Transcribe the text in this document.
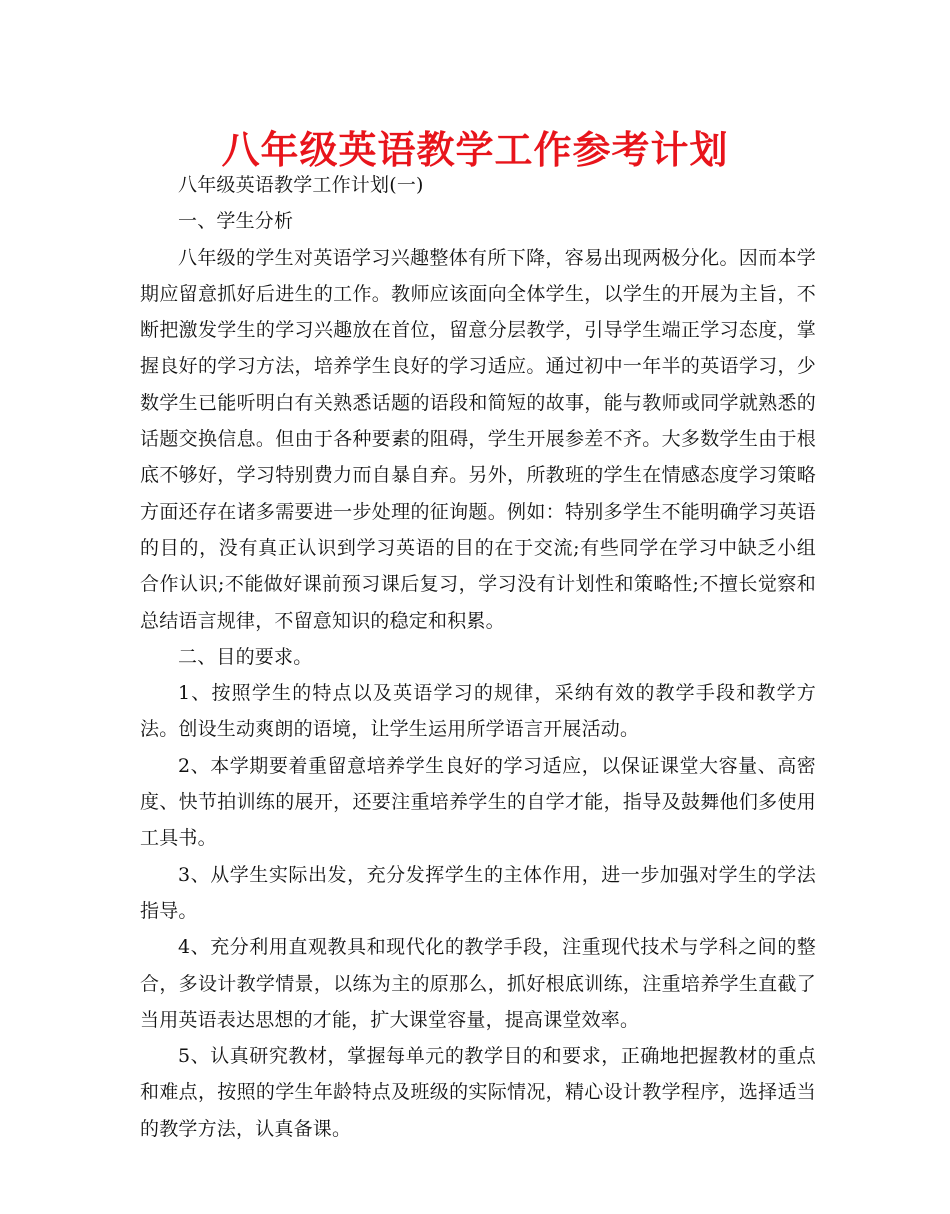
八年级英语教学工作参考计划

八年级英语教学工作计划(一)

一、学生分析

八年级的学生对英语学习兴趣整体有所下降，容易出现两极分化。因而本学期应留意抓好后进生的工作。教师应该面向全体学生，以学生的开展为主旨，不断把激发学生的学习兴趣放在首位，留意分层教学，引导学生端正学习态度，掌握良好的学习方法，培养学生良好的学习适应。通过初中一年半的英语学习，少数学生已能听明白有关熟悉话题的语段和简短的故事，能与教师或同学就熟悉的话题交换信息。但由于各种要素的阻碍，学生开展参差不齐。大多数学生由于根底不够好，学习特别费力而自暴自弃。另外，所教班的学生在情感态度学习策略方面还存在诸多需要进一步处理的征询题。例如：特别多学生不能明确学习英语的目的，没有真正认识到学习英语的目的在于交流;有些同学在学习中缺乏小组合作认识;不能做好课前预习课后复习，学习没有计划性和策略性;不擅长觉察和总结语言规律，不留意知识的稳定和积累。

二、目的要求。

1、按照学生的特点以及英语学习的规律，采纳有效的教学手段和教学方法。创设生动爽朗的语境，让学生运用所学语言开展活动。

2、本学期要着重留意培养学生良好的学习适应，以保证课堂大容量、高密度、快节拍训练的展开，还要注重培养学生的自学才能，指导及鼓舞他们多使用工具书。

3、从学生实际出发，充分发挥学生的主体作用，进一步加强对学生的学法指导。

4、充分利用直观教具和现代化的教学手段，注重现代技术与学科之间的整合，多设计教学情景，以练为主的原那么，抓好根底训练，注重培养学生直截了当用英语表达思想的才能，扩大课堂容量，提高课堂效率。

5、认真研究教材，掌握每单元的教学目的和要求，正确地把握教材的重点和难点，按照的学生年龄特点及班级的实际情况，精心设计教学程序，选择适当的教学方法，认真备课。
